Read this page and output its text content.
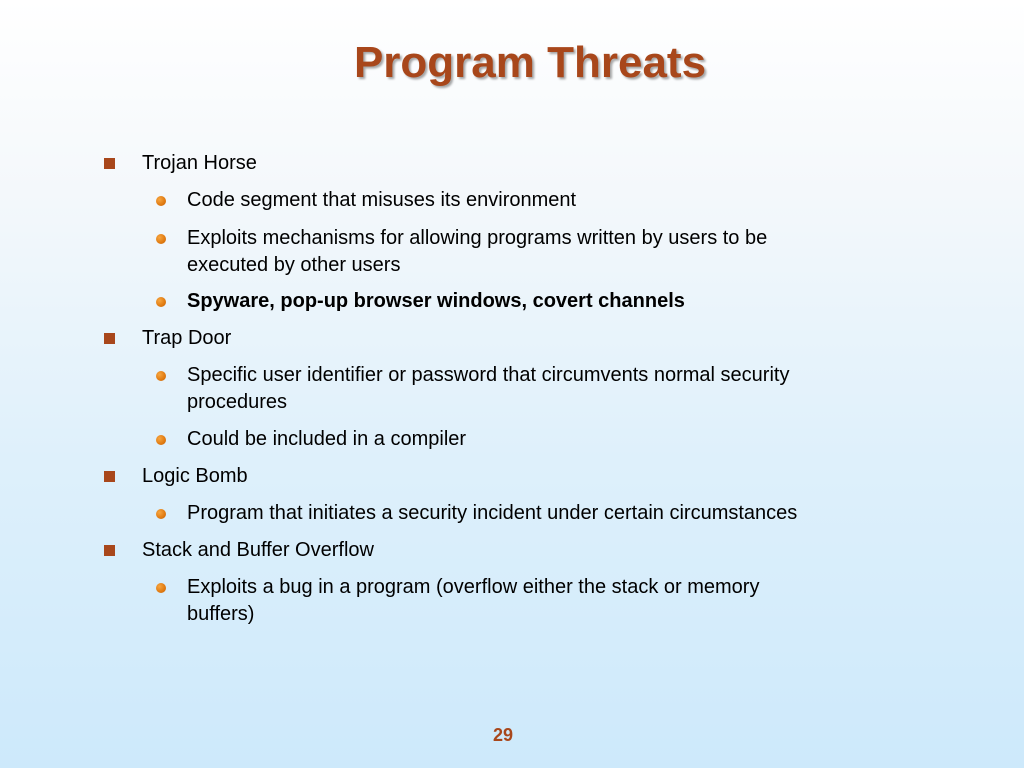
Program Threats
Trojan Horse
Code segment that misuses its environment
Exploits mechanisms for allowing programs written by users to be
executed by other users
Spyware, pop-up browser windows, covert channels
Trap Door
Specific user identifier or password that circumvents normal security
procedures
Could be included in a compiler
Logic Bomb
Program that initiates a security incident under certain circumstances
Stack and Buffer Overflow
Exploits a bug in a program (overflow either the stack or memory
buffers)
29
